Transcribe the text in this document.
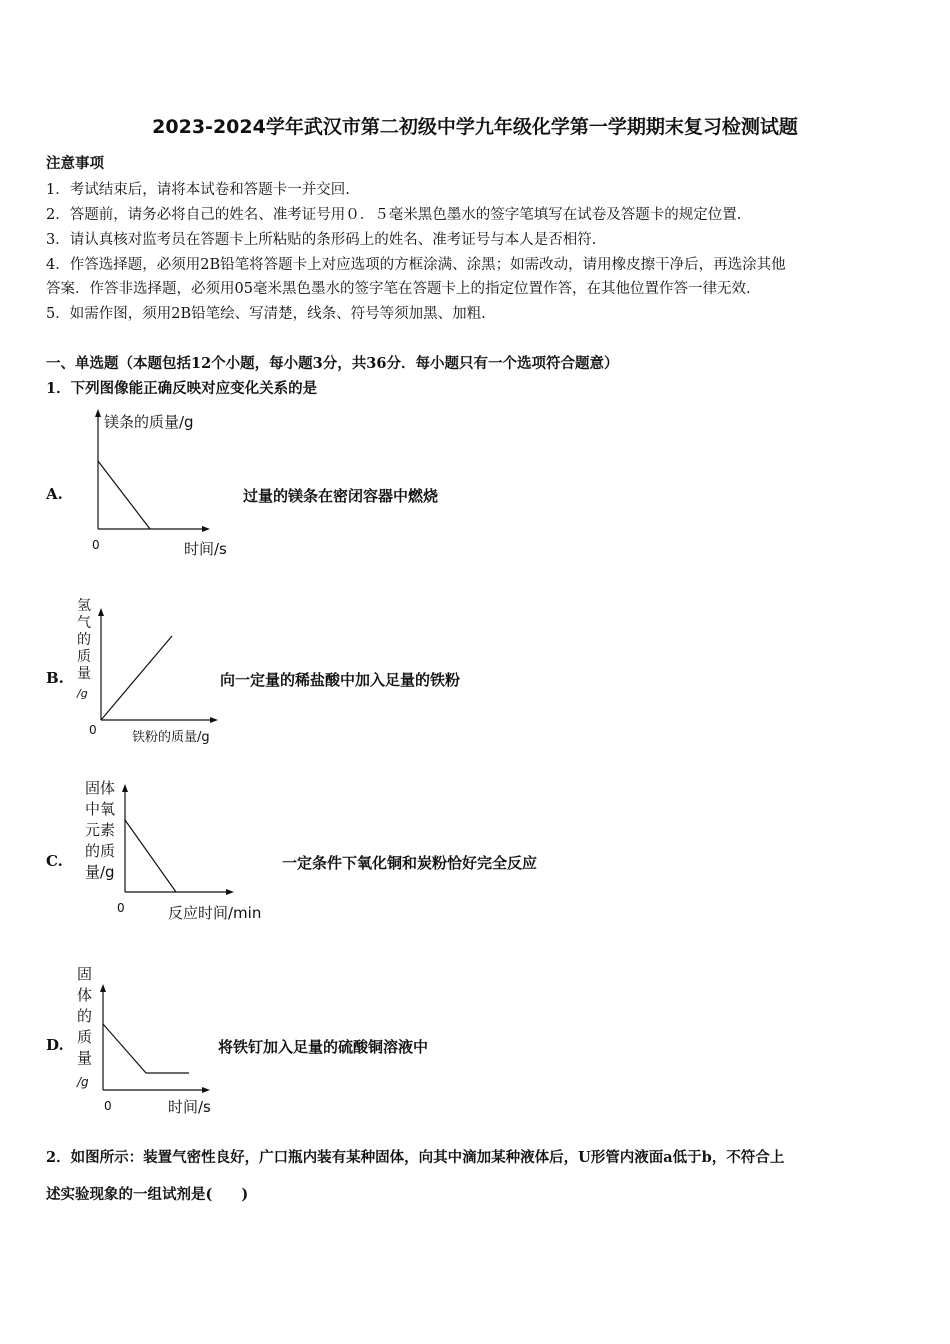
2023-2024学年武汉市第二初级中学九年级化学第一学期期末复习检测试题
注意事项
1．考试结束后，请将本试卷和答题卡一并交回.
2．答题前，请务必将自己的姓名、准考证号用０．５毫米黑色墨水的签字笔填写在试卷及答题卡的规定位置.
3．请认真核对监考员在答题卡上所粘贴的条形码上的姓名、准考证号与本人是否相符.
4．作答选择题，必须用2B铅笔将答题卡上对应选项的方框涂满、涂黑；如需改动，请用橡皮擦干净后，再选涂其他
答案．作答非选择题，必须用05毫米黑色墨水的签字笔在答题卡上的指定位置作答，在其他位置作答一律无效.
5．如需作图，须用2B铅笔绘、写清楚，线条、符号等须加黑、加粗.
一、单选题（本题包括12个小题，每小题3分，共36分．每小题只有一个选项符合题意）
1．下列图像能正确反映对应变化关系的是
A.
镁条的质量/g
0	时间/s
过量的镁条在密闭容器中燃烧
B.
氢
气
的
质
量
/g
0	铁粉的质量/g
向一定量的稀盐酸中加入足量的铁粉
C.
固体
中氧
元素
的质
量/g
0	反应时间/min
一定条件下氧化铜和炭粉恰好完全反应
D.
固
体
的
质
量
/g
0	时间/s
将铁钉加入足量的硫酸铜溶液中
2．如图所示：装置气密性良好，广口瓶内装有某种固体，向其中滴加某种液体后，U形管内液面a低于b，不符合上
述实验现象的一组试剂是(　　)
